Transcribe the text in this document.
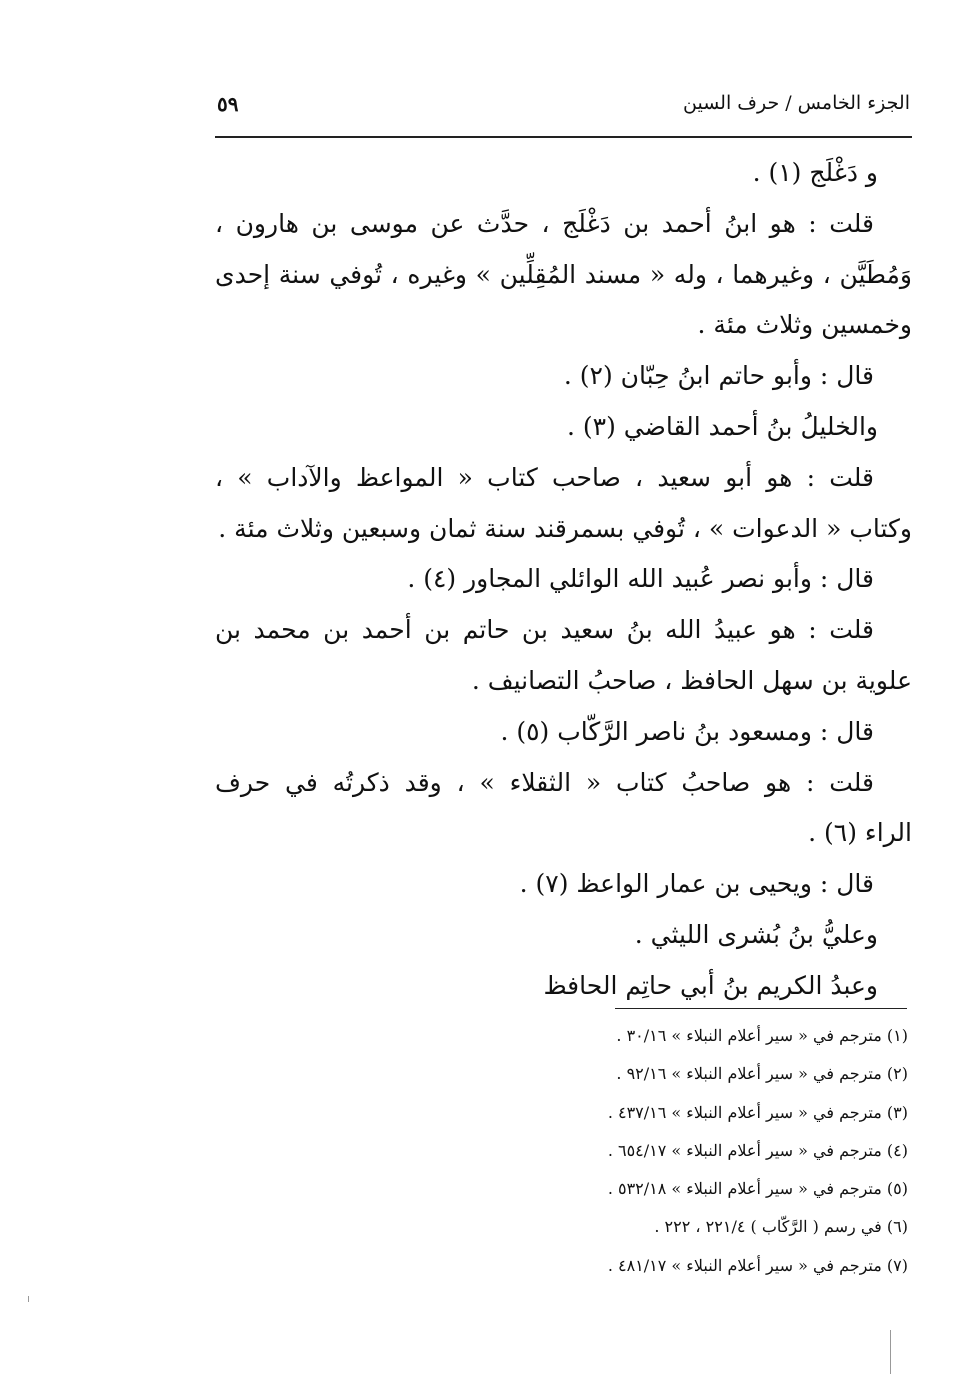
الجزء الخامس / حرف السين
٥٩
و دَغْلَج (١) .
قلت : هو ابنُ أحمد بن دَغْلَج ، حدَّث عن موسى بن هارون ،
وَمُطَيَّن ، وغيرهما ، وله « مسند المُقِلِّين » وغيره ، تُوفي سنة إحدى
وخمسين وثلاث مئة .
قال : وأبو حاتم ابنُ حِبّان (٢) .
والخليلُ بنُ أحمد القاضي (٣) .
قلت : هو أبو سعيد ، صاحب كتاب « المواعظ والآداب » ،
وكتاب « الدعوات » ، تُوفي بسمرقند سنة ثمان وسبعين وثلاث مئة .
قال : وأبو نصر عُبيد الله الوائلي المجاور (٤) .
قلت : هو عبيدُ الله بنُ سعيد بن حاتم بن أحمد بن محمد بن
علوية بن سهل الحافظ ، صاحبُ التصانيف .
قال : ومسعود بنُ ناصر الرَّكّاب (٥) .
قلت : هو صاحبُ كتاب « الثقلاء » ، وقد ذكرتُه في حرف
الراء (٦) .
قال : ويحيى بن عمار الواعظ (٧) .
وعليُّ بنُ بُشرى الليثي .
وعبدُ الكريم بنُ أبي حاتِم الحافظ
(١) مترجم في « سير أعلام النبلاء » ٣٠/١٦ .
(٢) مترجم في « سير أعلام النبلاء » ٩٢/١٦ .
(٣) مترجم في « سير أعلام النبلاء » ٤٣٧/١٦ .
(٤) مترجم في « سير أعلام النبلاء » ٦٥٤/١٧ .
(٥) مترجم في « سير أعلام النبلاء » ٥٣٢/١٨ .
(٦) في رسم ( الرَّكّاب ) ٢٢١/٤ ، ٢٢٢ .
(٧) مترجم في « سير أعلام النبلاء » ٤٨١/١٧ .
